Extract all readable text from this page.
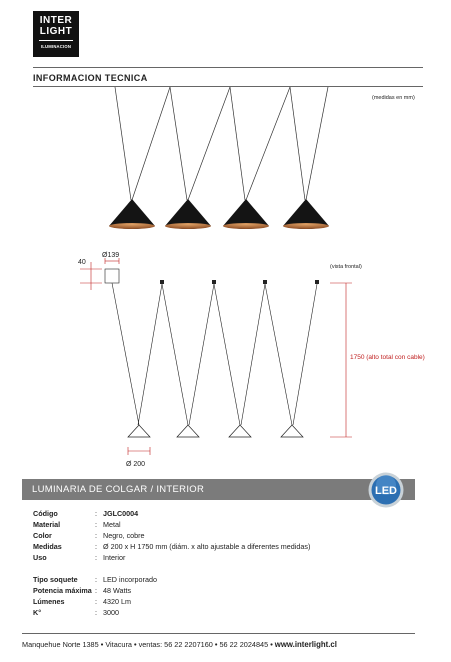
INTER
LIGHT
ILUMINACION
INFORMACION TECNICA
(medidas en mm)
40
Ø139
(vista frontal)
1750 (alto total con cable)
Ø 200
LUMINARIA DE COLGAR / INTERIOR	LED
Código	: JGLC0004
Material	: Metal
Color	: Negro, cobre
Medidas	: Ø 200 x H 1750 mm (diám. x alto ajustable a diferentes medidas)
Uso	: Interior
Tipo soquete : LED incorporado
Potencia máxima : 48 Watts
Lúmenes	: 4320 Lm
K°	: 3000
Manquehue Norte 1385 • Vitacura • ventas: 56 22 2207160 • 56 22 2024845 • www.interlight.cl
